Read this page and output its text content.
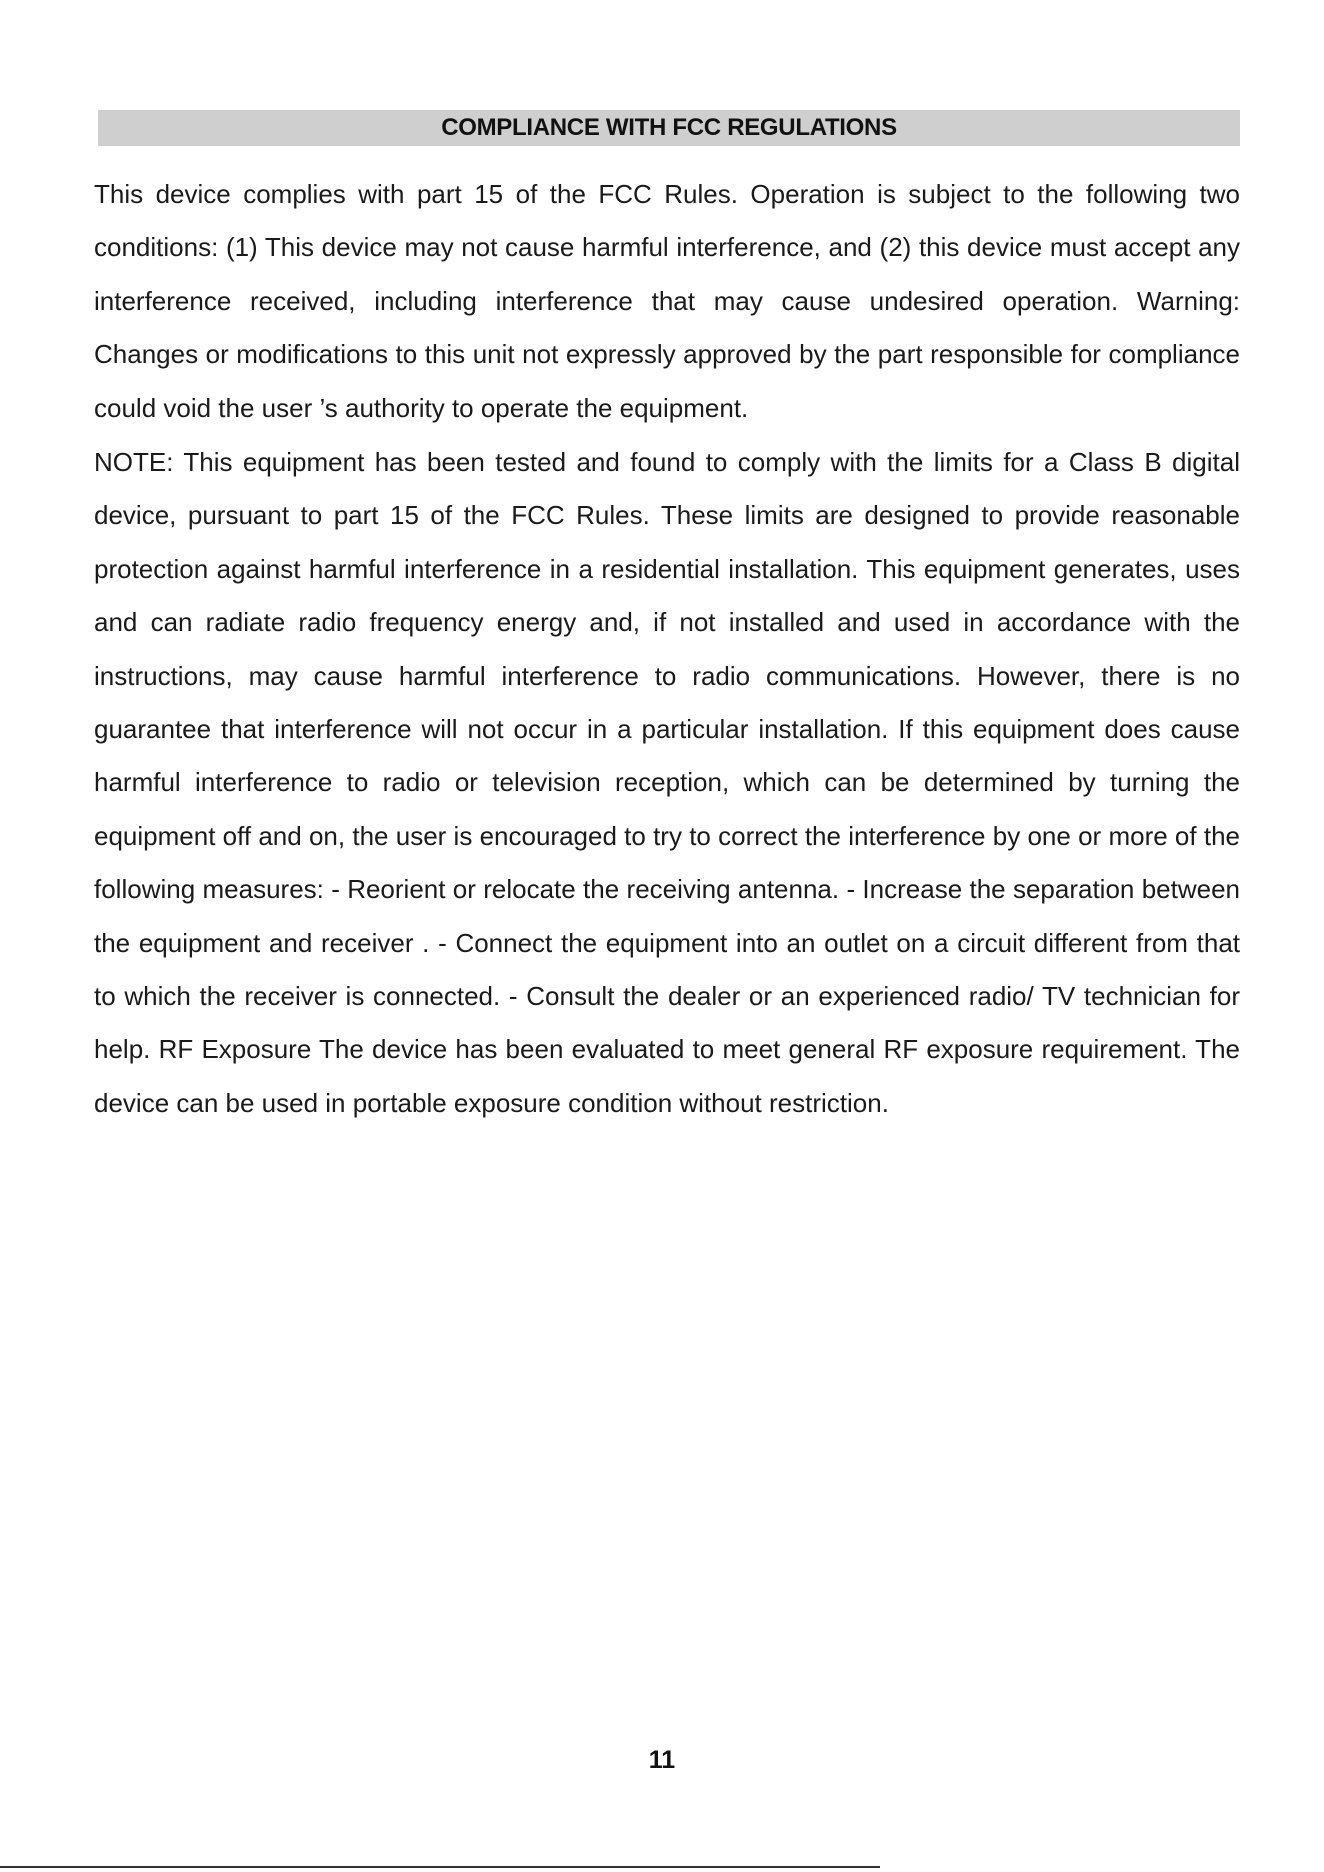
COMPLIANCE WITH FCC REGULATIONS

This device complies with part 15 of the FCC Rules. Operation is subject to the following two conditions: (1) This device may not cause harmful interference, and (2) this device must accept any interference received, including interference that may cause undesired operation. Warning: Changes or modifications to this unit not expressly approved by the part responsible for compliance could void the user ’s authority to operate the equipment.

NOTE: This equipment has been tested and found to comply with the limits for a Class B digital device, pursuant to part 15 of the FCC Rules. These limits are designed to provide reasonable protection against harmful interference in a residential installation. This equipment generates, uses and can radiate radio frequency energy and, if not installed and used in accordance with the instructions, may cause harmful interference to radio communications. However, there is no guarantee that interference will not occur in a particular installation. If this equipment does cause harmful interference to radio or television reception, which can be determined by turning the equipment off and on, the user is encouraged to try to correct the interference by one or more of the following measures: - Reorient or relocate the receiving antenna. - Increase the separation between the equipment and receiver . - Connect the equipment into an outlet on a circuit different from that to which the receiver is connected. - Consult the dealer or an experienced radio/ TV technician for help. RF Exposure The device has been evaluated to meet general RF exposure requirement. The device can be used in portable exposure condition without restriction.

11
